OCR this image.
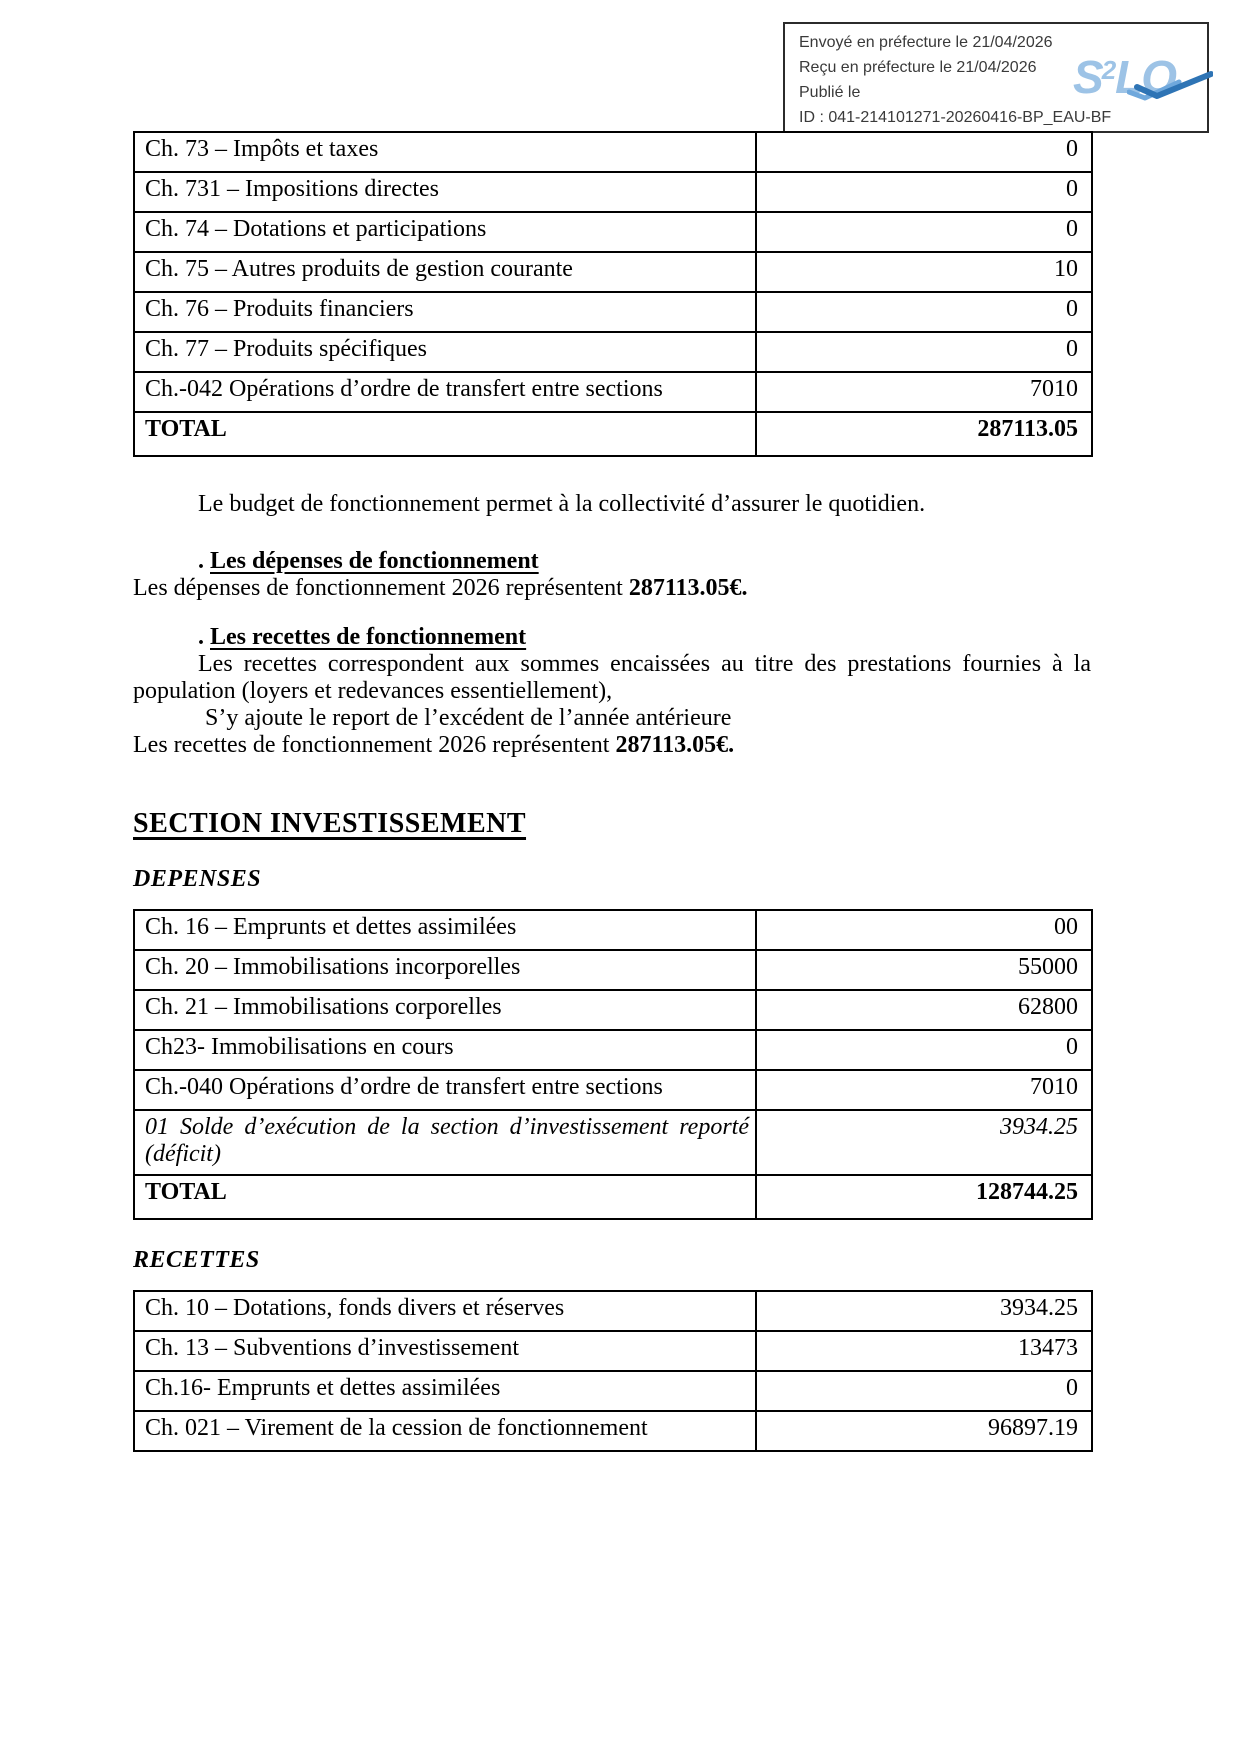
Envoyé en préfecture le 21/04/2026
Reçu en préfecture le 21/04/2026
Publié le
ID : 041-214101271-20260416-BP_EAU-BF
$S^2LO$
Ch. 73 – Impôts et taxes	0
Ch. 731 – Impositions directes	0
Ch. 74 – Dotations et participations	0
Ch. 75 – Autres produits de gestion courante	10
Ch. 76 – Produits financiers	0
Ch. 77 – Produits spécifiques	0
Ch.-042 Opérations d’ordre de transfert entre sections	7010
TOTAL	287113.05

Le budget de fonctionnement permet à la collectivité d’assurer le quotidien.

. Les dépenses de fonctionnement

Les dépenses de fonctionnement 2026 représentent 287113.05€.

. Les recettes de fonctionnement

Les recettes correspondent aux sommes encaissées au titre des prestations fournies à la population (loyers et redevances essentiellement),

S’y ajoute le report de l’excédent de l’année antérieure

Les recettes de fonctionnement 2026 représentent 287113.05€.

SECTION INVESTISSEMENT

DEPENSES

Ch. 16 – Emprunts et dettes assimilées	00
Ch. 20 – Immobilisations incorporelles	55000
Ch. 21 – Immobilisations corporelles	62800
Ch23- Immobilisations en cours	0
Ch.-040 Opérations d’ordre de transfert entre sections	7010
01 Solde d’exécution de la section d’investissement reporté (déficit)	3934.25
TOTAL	128744.25

RECETTES

Ch. 10 – Dotations, fonds divers et réserves	3934.25
Ch. 13 – Subventions d’investissement	13473
Ch.16- Emprunts et dettes assimilées	0
Ch. 021 – Virement de la cession de fonctionnement	96897.19
